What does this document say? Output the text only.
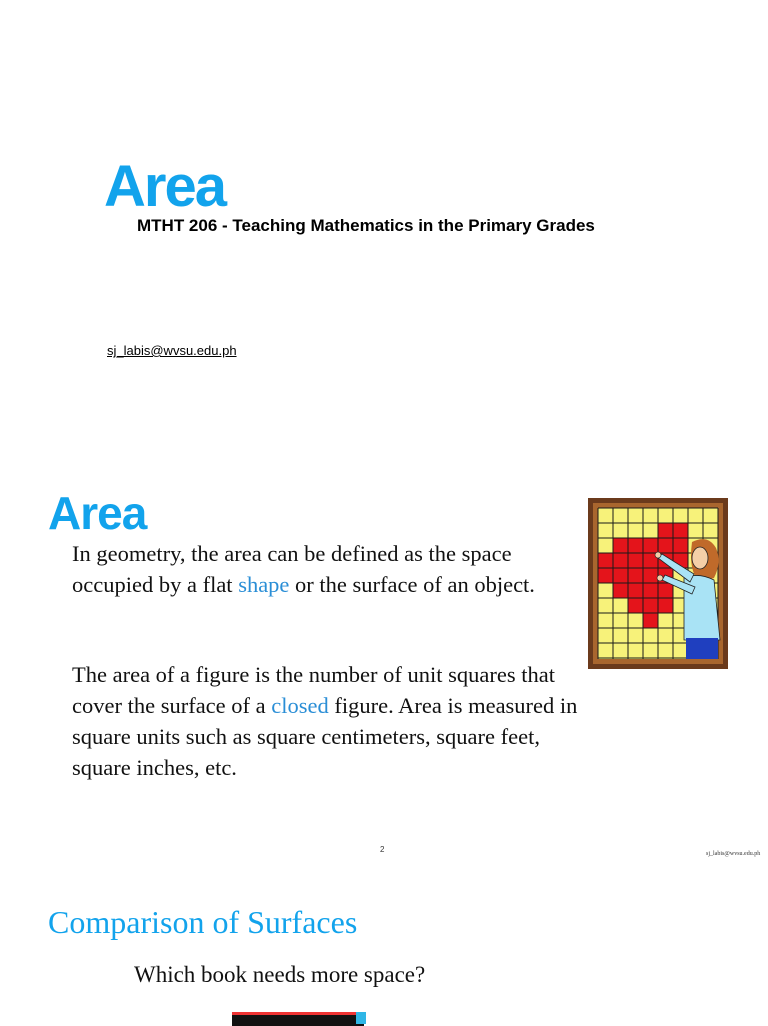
Area
MTHT 206 - Teaching Mathematics in the Primary Grades
sj_labis@wvsu.edu.ph
Area
In geometry, the area can be defined as the space occupied by a flat shape or the surface of an object.
The area of a figure is the number of unit squares that cover the surface of a closed figure. Area is measured in square units such as square centimeters, square feet, square inches, etc.
2	sj_labis@wvsu.edu.ph
Comparison of Surfaces
Which book needs more space?
